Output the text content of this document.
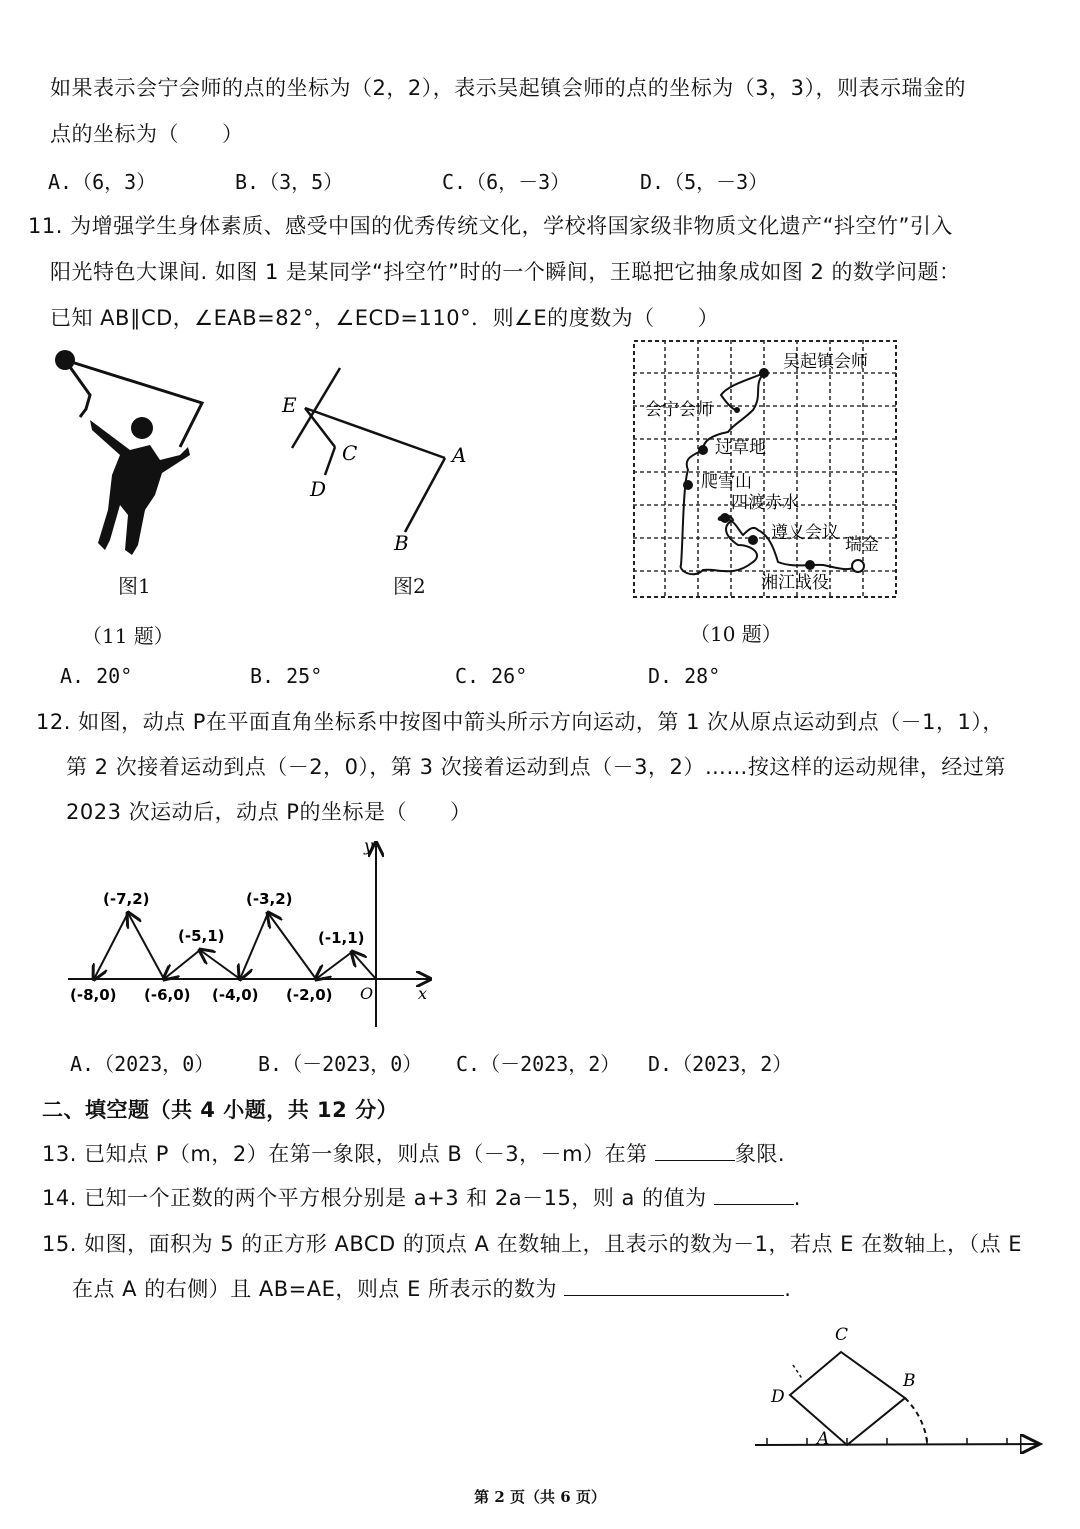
如果表示会宁会师的点的坐标为（2，2），表示吴起镇会师的点的坐标为（3，3），则表示瑞金的
点的坐标为（　　）
A.（6，3）	B.（3，5）	C.（6，－3）	D.（5，－3）
11. 为增强学生身体素质、感受中国的优秀传统文化，学校将国家级非物质文化遗产“抖空竹”引入
阳光特色大课间. 如图 1 是某同学“抖空竹”时的一个瞬间，王聪把它抽象成如图 2 的数学问题：
已知 AB∥CD，∠EAB=82°，∠ECD=110°．则∠E的度数为（　　）
图1
E
C
D
A
B
图2
（11 题）
吴起镇会师
会宁会师
过草地
爬雪山
四渡赤水
遵义会议
瑞金
湘江战役
（10 题）
A. 20°	B. 25°	C. 26°	D. 28°
12. 如图，动点 P在平面直角坐标系中按图中箭头所示方向运动，第 1 次从原点运动到点（－1，1），
第 2 次接着运动到点（－2，0），第 3 次接着运动到点（－3，2）……按这样的运动规律，经过第
2023 次运动后，动点 P的坐标是（　　）
(-7,2)
(-5,1)
(-3,2)
(-1,1)
(-8,0) (-6,0) (-4,0) (-2,0) O	x
y
A.（2023，0） B.（－2023，0） C.（－2023，2） D.（2023，2）
二、填空题（共 4 小题，共 12 分）
13. 已知点 P（m，2）在第一象限，则点 B（－3，－m）在第	象限.
14. 已知一个正数的两个平方根分别是 a+3 和 2a－15，则 a 的值为	.
15. 如图，面积为 5 的正方形 ABCD 的顶点 A 在数轴上，且表示的数为－1，若点 E 在数轴上，（点 E
在点 A 的右侧）且 AB=AE，则点 E 所表示的数为	.
C
B
D
A
第 2 页（共 6 页）
